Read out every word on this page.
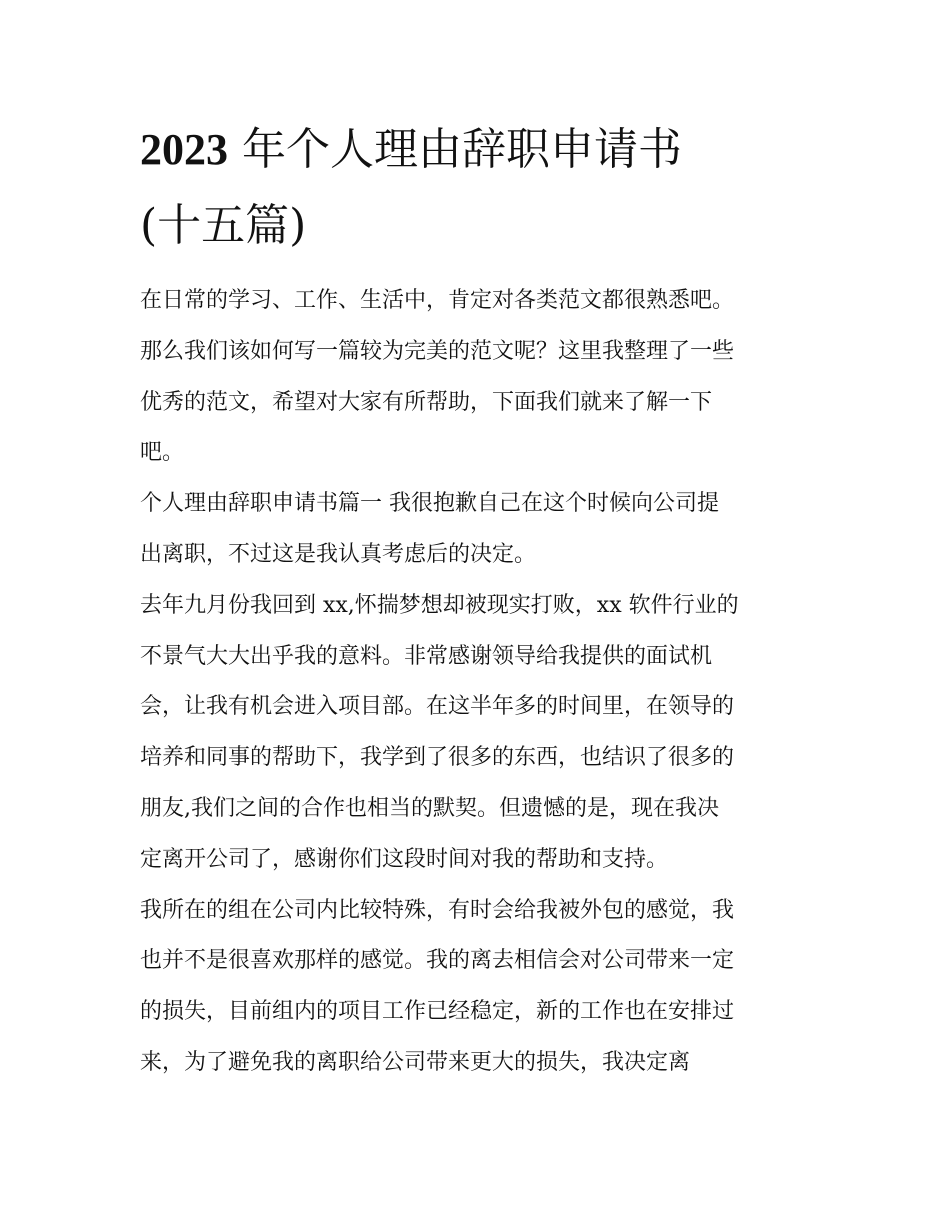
2023 年个人理由辞职申请书
(十五篇)
在日常的学习、工作、生活中，肯定对各类范文都很熟悉吧。
那么我们该如何写一篇较为完美的范文呢？这里我整理了一些
优秀的范文，希望对大家有所帮助，下面我们就来了解一下
吧。
个人理由辞职申请书篇一 我很抱歉自己在这个时候向公司提
出离职，不过这是我认真考虑后的决定。
去年九月份我回到 xx,怀揣梦想却被现实打败，xx 软件行业的
不景气大大出乎我的意料。非常感谢领导给我提供的面试机
会，让我有机会进入项目部。在这半年多的时间里，在领导的
培养和同事的帮助下，我学到了很多的东西，也结识了很多的
朋友,我们之间的合作也相当的默契。但遗憾的是，现在我决
定离开公司了，感谢你们这段时间对我的帮助和支持。
我所在的组在公司内比较特殊，有时会给我被外包的感觉，我
也并不是很喜欢那样的感觉。我的离去相信会对公司带来一定
的损失，目前组内的项目工作已经稳定，新的工作也在安排过
来，为了避免我的离职给公司带来更大的损失，我决定离
